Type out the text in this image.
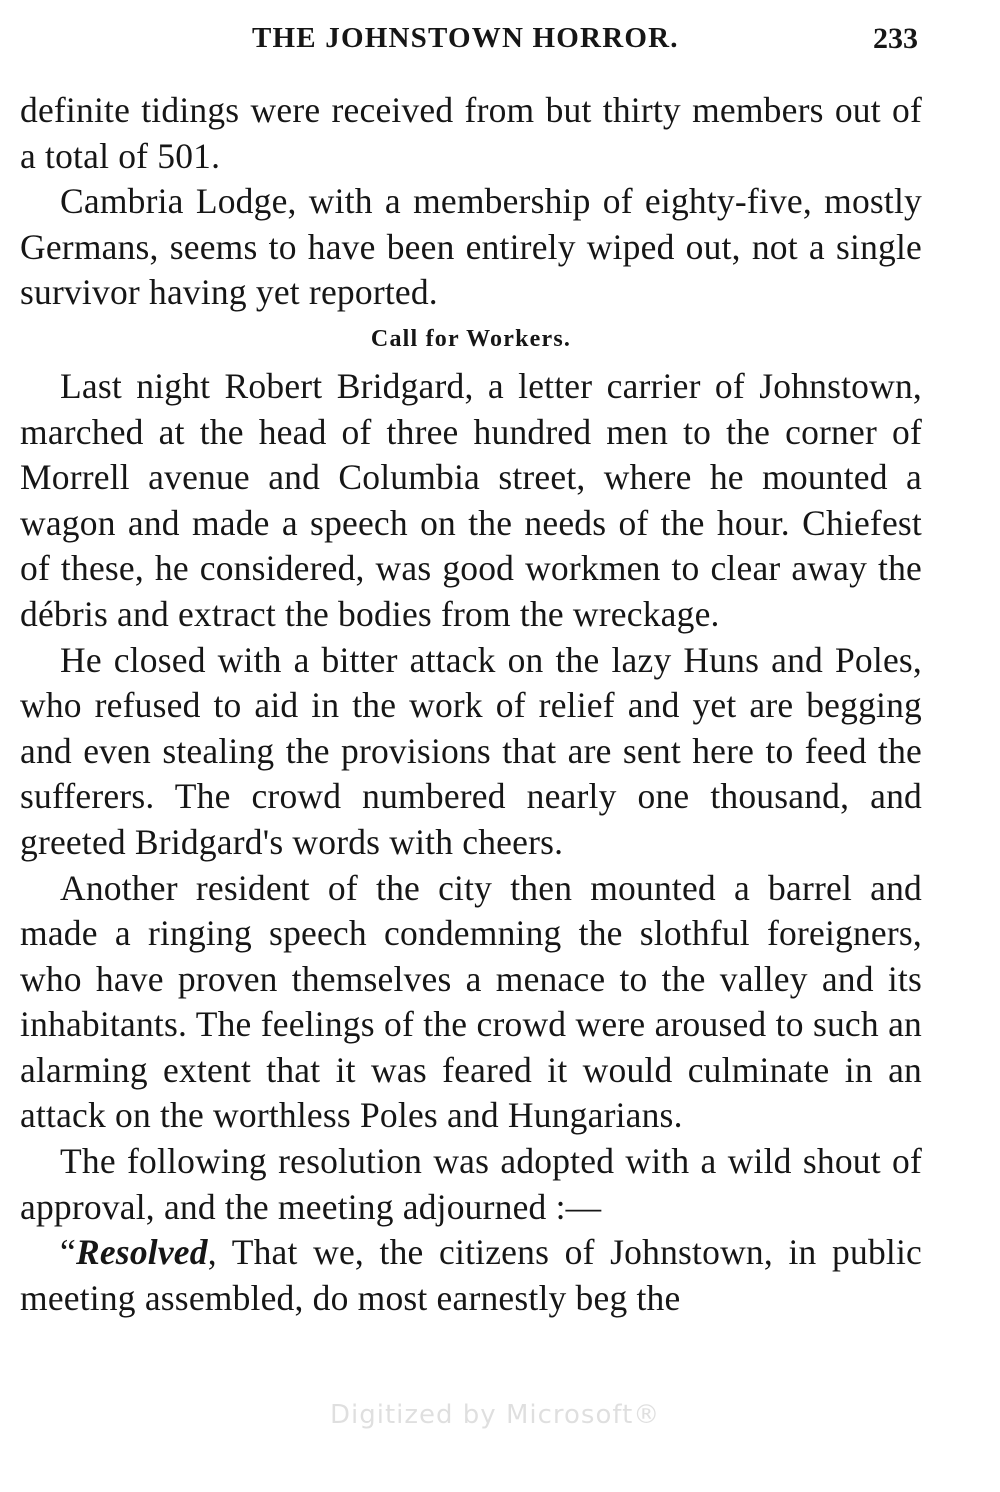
THE JOHNSTOWN HORROR.	233

definite tidings were received from but thirty members out of a total of 501.

Cambria Lodge, with a membership of eighty-five, mostly Germans, seems to have been entirely wiped out, not a single survivor having yet reported.

Call for Workers.

Last night Robert Bridgard, a letter carrier of Johnstown, marched at the head of three hundred men to the corner of Morrell avenue and Columbia street, where he mounted a wagon and made a speech on the needs of the hour. Chiefest of these, he considered, was good workmen to clear away the débris and extract the bodies from the wreckage.

He closed with a bitter attack on the lazy Huns and Poles, who refused to aid in the work of relief and yet are begging and even stealing the provisions that are sent here to feed the sufferers. The crowd numbered nearly one thousand, and greeted Bridgard's words with cheers.

Another resident of the city then mounted a barrel and made a ringing speech condemning the slothful foreigners, who have proven themselves a menace to the valley and its inhabitants. The feelings of the crowd were aroused to such an alarming extent that it was feared it would culminate in an attack on the worthless Poles and Hungarians.

The following resolution was adopted with a wild shout of approval, and the meeting adjourned :—

“Resolved, That we, the citizens of Johnstown, in public meeting assembled, do most earnestly beg the

Digitized by Microsoft®
